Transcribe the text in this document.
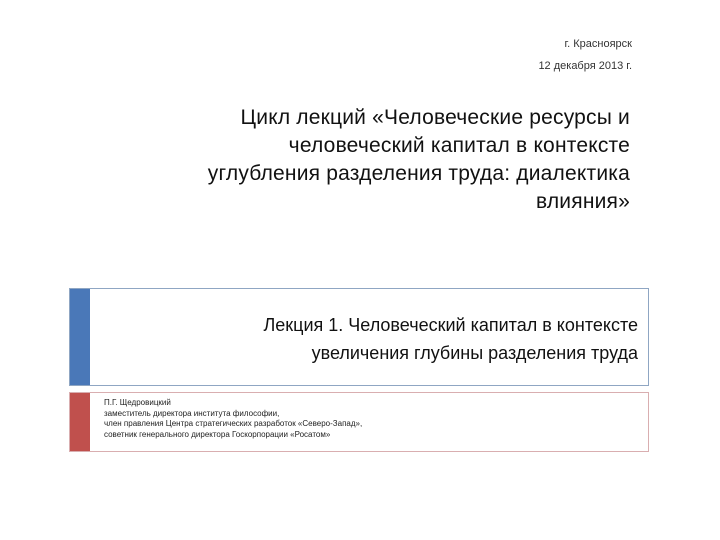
г. Красноярск
12 декабря 2013 г.
Цикл лекций «Человеческие ресурсы и
человеческий капитал в контексте
углубления разделения труда: диалектика
влияния»
Лекция 1. Человеческий капитал в контексте
увеличения глубины разделения труда
П.Г. Щедровицкий
заместитель директора института философии,
член правления Центра стратегических разработок «Северо-Запад»,
советник генерального директора Госкорпорации «Росатом»
